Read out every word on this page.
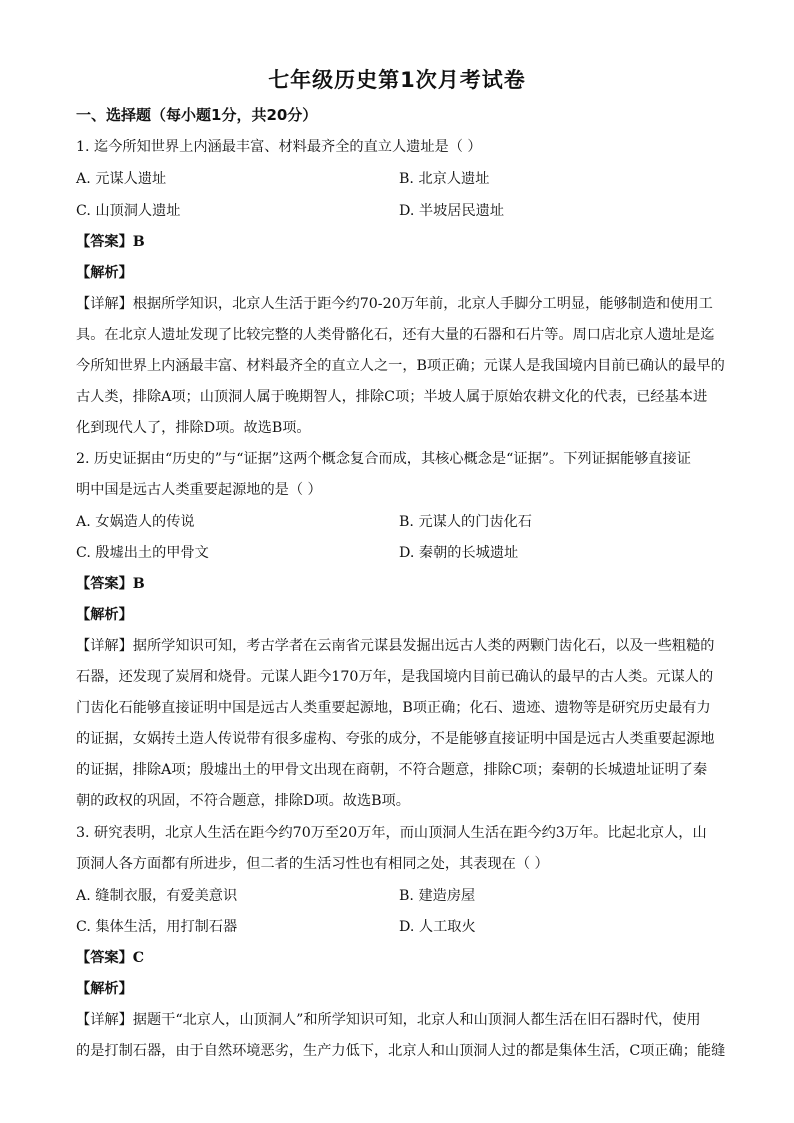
七年级历史第1次月考试卷
一、选择题（每小题1分，共20分）
1. 迄今所知世界上内涵最丰富、材料最齐全的直立人遗址是（ ）
A. 元谋人遗址	B. 北京人遗址
C. 山顶洞人遗址	D. 半坡居民遗址
【答案】B
【解析】
【详解】根据所学知识，北京人生活于距今约70-20万年前，北京人手脚分工明显，能够制造和使用工
具。在北京人遗址发现了比较完整的人类骨骼化石，还有大量的石器和石片等。周口店北京人遗址是迄
今所知世界上内涵最丰富、材料最齐全的直立人之一，B项正确；元谋人是我国境内目前已确认的最早的
古人类，排除A项；山顶洞人属于晚期智人，排除C项；半坡人属于原始农耕文化的代表，已经基本进
化到现代人了，排除D项。故选B项。
2. 历史证据由“历史的”与“证据”这两个概念复合而成，其核心概念是“证据”。下列证据能够直接证
明中国是远古人类重要起源地的是（ ）
A. 女娲造人的传说	B. 元谋人的门齿化石
C. 殷墟出土的甲骨文	D. 秦朝的长城遗址
【答案】B
【解析】
【详解】据所学知识可知，考古学者在云南省元谋县发掘出远古人类的两颗门齿化石，以及一些粗糙的
石器，还发现了炭屑和烧骨。元谋人距今170万年，是我国境内目前已确认的最早的古人类。元谋人的
门齿化石能够直接证明中国是远古人类重要起源地，B项正确；化石、遗迹、遗物等是研究历史最有力
的证据，女娲抟土造人传说带有很多虚构、夸张的成分，不是能够直接证明中国是远古人类重要起源地
的证据，排除A项；殷墟出土的甲骨文出现在商朝，不符合题意，排除C项；秦朝的长城遗址证明了秦
朝的政权的巩固，不符合题意，排除D项。故选B项。
3. 研究表明，北京人生活在距今约70万至20万年，而山顶洞人生活在距今约3万年。比起北京人，山
顶洞人各方面都有所进步，但二者的生活习性也有相同之处，其表现在（ ）
A. 缝制衣服，有爱美意识	B. 建造房屋
C. 集体生活，用打制石器	D. 人工取火
【答案】C
【解析】
【详解】据题干“北京人，山顶洞人”和所学知识可知，北京人和山顶洞人都生活在旧石器时代，使用
的是打制石器，由于自然环境恶劣，生产力低下，北京人和山顶洞人过的都是集体生活，C项正确；能缝
